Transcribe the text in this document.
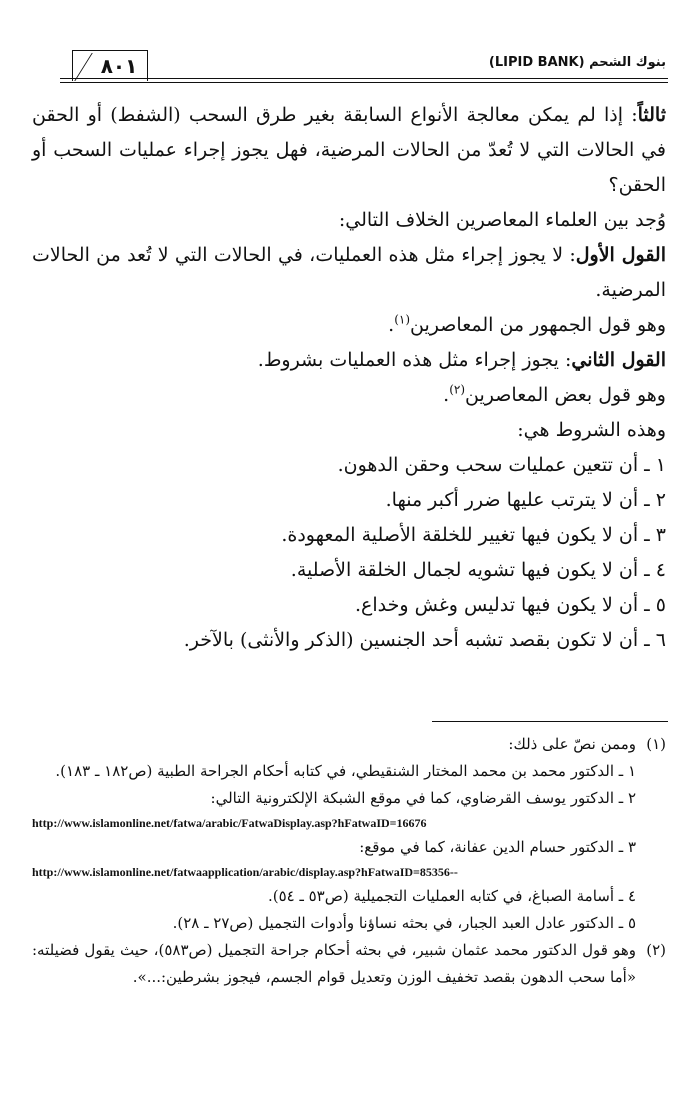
بنوك الشحم (LIPID BANK)
٨٠١

ثالثاً: إذا لم يمكن معالجة الأنواع السابقة بغير طرق السحب (الشفط) أو الحقن في الحالات التي لا تُعدّ من الحالات المرضية، فهل يجوز إجراء عمليات السحب أو الحقن؟

وُجد بين العلماء المعاصرين الخلاف التالي:

القول الأول: لا يجوز إجراء مثل هذه العمليات، في الحالات التي لا تُعد من الحالات المرضية.

وهو قول الجمهور من المعاصرين$^{(١)}$.

القول الثاني: يجوز إجراء مثل هذه العمليات بشروط.

وهو قول بعض المعاصرين$^{(٢)}$.

وهذه الشروط هي:

١ ـ أن تتعين عمليات سحب وحقن الدهون.

٢ ـ أن لا يترتب عليها ضرر أكبر منها.

٣ ـ أن لا يكون فيها تغيير للخلقة الأصلية المعهودة.

٤ ـ أن لا يكون فيها تشويه لجمال الخلقة الأصلية.

٥ ـ أن لا يكون فيها تدليس وغش وخداع.

٦ ـ أن لا تكون بقصد تشبه أحد الجنسين (الذكر والأنثى) بالآخر.

(١)

وممن نصّ على ذلك:

١ ـ الدكتور محمد بن محمد المختار الشنقيطي، في كتابه أحكام الجراحة الطبية (ص١٨٢ ـ ١٨٣).

٢ ـ الدكتور يوسف القرضاوي، كما في موقع الشبكة الإلكترونية التالي:

http://www.islamonline.net/fatwa/arabic/FatwaDisplay.asp?hFatwaID=16676

٣ ـ الدكتور حسام الدين عفانة، كما في موقع:

http://www.islamonline.net/fatwaapplication/arabic/display.asp?hFatwaID=85356--

٤ ـ أسامة الصباغ، في كتابه العمليات التجميلية (ص٥٣ ـ ٥٤).

٥ ـ الدكتور عادل العبد الجبار، في بحثه نساؤنا وأدوات التجميل (ص٢٧ ـ ٢٨).

(٢)

وهو قول الدكتور محمد عثمان شبير، في بحثه أحكام جراحة التجميل (ص٥٨٣)، حيث يقول فضيلته: «أما سحب الدهون بقصد تخفيف الوزن وتعديل قوام الجسم، فيجوز بشرطين:...».
